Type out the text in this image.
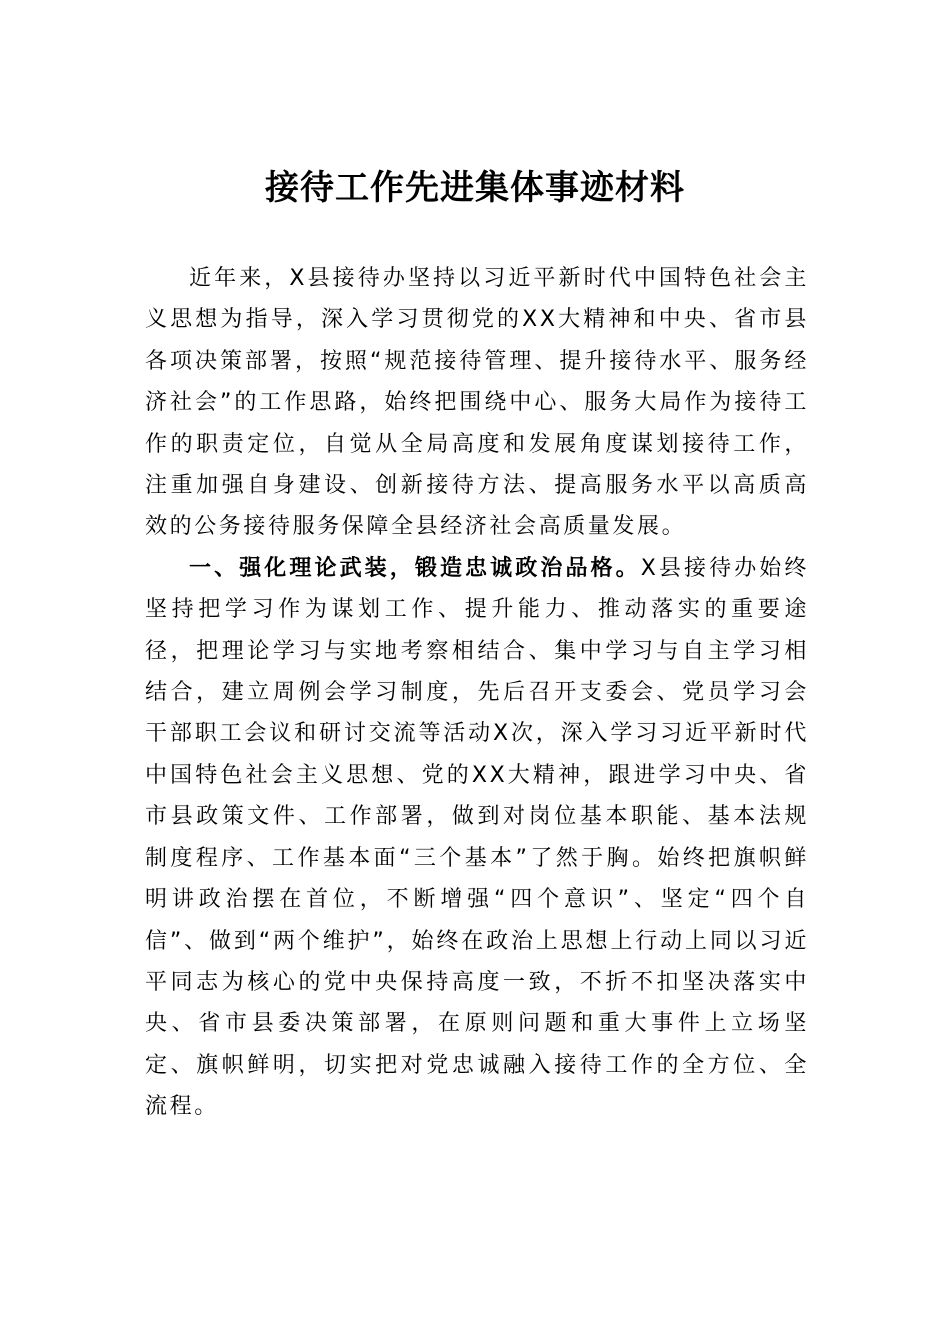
接待工作先进集体事迹材料

近年来，X县接待办坚持以习近平新时代中国特色社会主义思想为指导，深入学习贯彻党的XX大精神和中央、省市县各项决策部署，按照“规范接待管理、提升接待水平、服务经济社会”的工作思路，始终把围绕中心、服务大局作为接待工作的职责定位，自觉从全局高度和发展角度谋划接待工作，注重加强自身建设、创新接待方法、提高服务水平以高质高效的公务接待服务保障全县经济社会高质量发展。

一、强化理论武装，锻造忠诚政治品格。X县接待办始终坚持把学习作为谋划工作、提升能力、推动落实的重要途径，把理论学习与实地考察相结合、集中学习与自主学习相结合，建立周例会学习制度，先后召开支委会、党员学习会干部职工会议和研讨交流等活动X次，深入学习习近平新时代中国特色社会主义思想、党的XX大精神，跟进学习中央、省市县政策文件、工作部署，做到对岗位基本职能、基本法规制度程序、工作基本面“三个基本”了然于胸。始终把旗帜鲜明讲政治摆在首位，不断增强“四个意识”、坚定“四个自信”、做到“两个维护”，始终在政治上思想上行动上同以习近平同志为核心的党中央保持高度一致，不折不扣坚决落实中央、省市县委决策部署，在原则问题和重大事件上立场坚定、旗帜鲜明，切实把对党忠诚融入接待工作的全方位、全流程。
